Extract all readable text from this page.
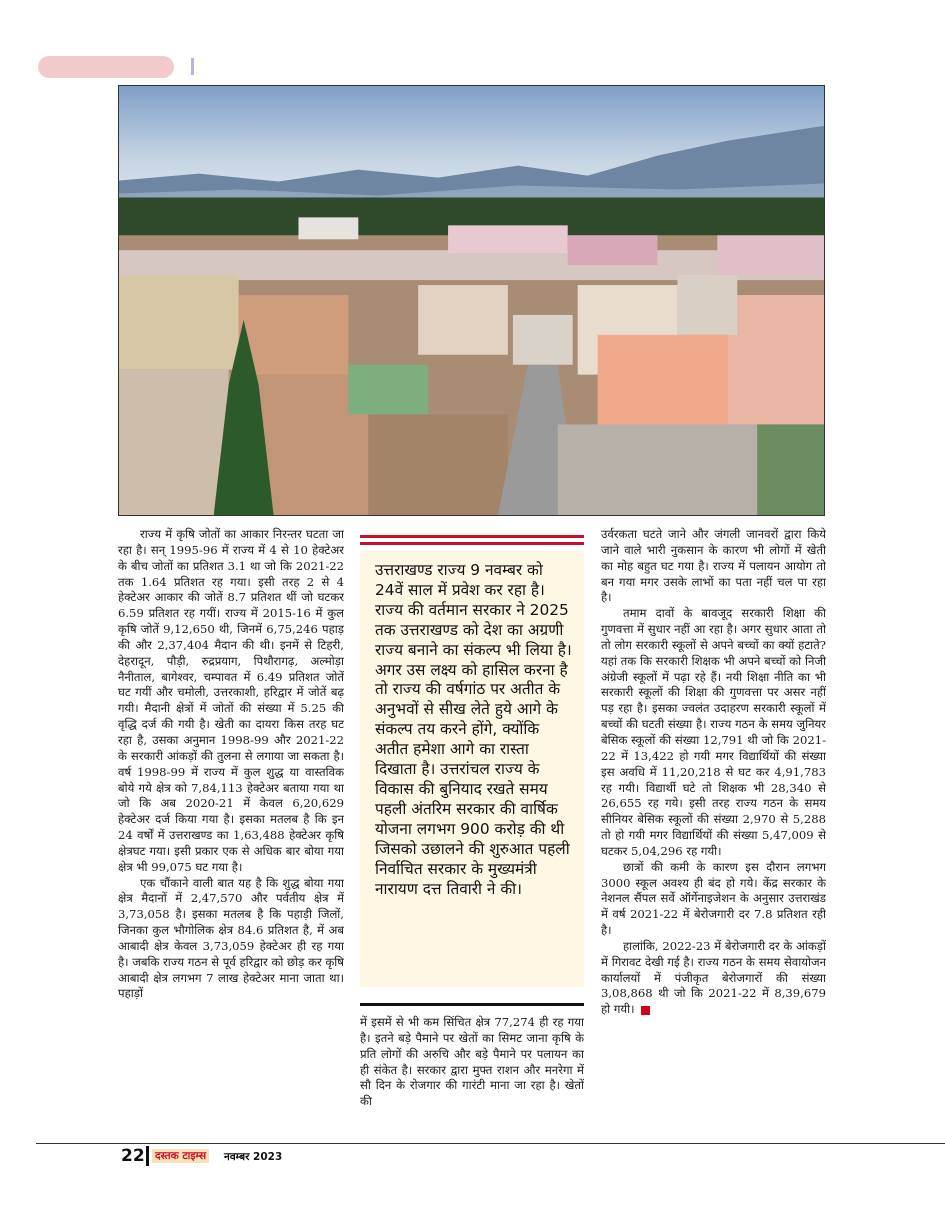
राज्य में कृषि जोतों का आकार निरन्तर घटता जा रहा है। सन् 1995-96 में राज्य में 4 से 10 हेक्टेअर के बीच जोतों का प्रतिशत 3.1 था जो कि 2021-22 तक 1.64 प्रतिशत रह गया। इसी तरह 2 से 4 हेक्टेअर आकार की जोतें 8.7 प्रतिशत थीं जो घटकर 6.59 प्रतिशत रह गयीं। राज्य में 2015-16 में कुल कृषि जोतें 9,12,650 थी, जिनमें 6,75,246 पहाड़ की और 2,37,404 मैदान की थी। इनमें से टिहरी, देहरादून, पौड़ी, रुद्रप्रयाग, पिथौरागढ़, अल्मोड़ा नैनीताल, बागेश्वर, चम्पावत में 6.49 प्रतिशत जोतें घट गयीं और चमोली, उत्तरकाशी, हरिद्वार में जोतें बढ़ गयी। मैदानी क्षेत्रों में जोतों की संख्या में 5.25 की वृद्धि दर्ज की गयी है। खेती का दायरा किस तरह घट रहा है, उसका अनुमान 1998-99 और 2021-22 के सरकारी आंकड़ों की तुलना से लगाया जा सकता है। वर्ष 1998-99 में राज्य में कुल शुद्ध या वास्तविक बोये गये क्षेत्र को 7,84,113 हेक्टेअर बताया गया था जो कि अब 2020-21 में केवल 6,20,629 हेक्टेअर दर्ज किया गया है। इसका मतलब है कि इन 24 वर्षों में उत्तराखण्ड का 1,63,488 हेक्टेअर कृषि क्षेत्रघट गया। इसी प्रकार एक से अधिक बार बोया गया क्षेत्र भी 99,075 घट गया है।

एक चौंकाने वाली बात यह है कि शुद्ध बोया गया क्षेत्र मैदानों में 2,47,570 और पर्वतीय क्षेत्र में 3,73,058 है। इसका मतलब है कि पहाड़ी जिलों, जिनका कुल भौगोलिक क्षेत्र 84.6 प्रतिशत है, में अब आबादी क्षेत्र केवल 3,73,059 हेक्टेअर ही रह गया है। जबकि राज्य गठन से पूर्व हरिद्वार को छोड़ कर कृषि आबादी क्षेत्र लगभग 7 लाख हेक्टेअर माना जाता था। पहाड़ों

उत्तराखण्ड राज्य 9 नवम्बर को 24वें साल में प्रवेश कर रहा है। राज्य की वर्तमान सरकार ने 2025 तक उत्तराखण्ड को देश का अग्रणी राज्य बनाने का संकल्प भी लिया है। अगर उस लक्ष्य को हासिल करना है तो राज्य की वर्षगांठ पर अतीत के अनुभवों से सीख लेते हुये आगे के संकल्प तय करने होंगे, क्योंकि अतीत हमेशा आगे का रास्ता दिखाता है। उत्तरांचल राज्य के विकास की बुनियाद रखते समय पहली अंतरिम सरकार की वार्षिक योजना लगभग 900 करोड़ की थी जिसको उछालने की शुरुआत पहली निर्वाचित सरकार के मुख्यमंत्री नारायण दत्त तिवारी ने की।

में इसमें से भी कम सिंचित क्षेत्र 77,274 ही रह गया है। इतने बड़े पैमाने पर खेतों का सिमट जाना कृषि के प्रति लोगों की अरुचि और बड़े पैमाने पर पलायन का ही संकेत है। सरकार द्वारा मुफ्त राशन और मनरेगा में सौ दिन के रोजगार की गारंटी माना जा रहा है। खेतों की

उर्वरकता घटते जाने और जंगली जानवरों द्वारा किये जाने वाले भारी नुकसान के कारण भी लोगों में खेती का मोह बहुत घट गया है। राज्य में पलायन आयोग तो बन गया मगर उसके लाभों का पता नहीं चल पा रहा है।

तमाम दावों के बावजूद सरकारी शिक्षा की गुणवत्ता में सुधार नहीं आ रहा है। अगर सुधार आता तो तो लोग सरकारी स्कूलों से अपने बच्चों का क्यों हटाते? यहां तक कि सरकारी शिक्षक भी अपने बच्चों को निजी अंग्रेजी स्कूलों में पढ़ा रहे हैं। नयी शिक्षा नीति का भी सरकारी स्कूलों की शिक्षा की गुणवत्ता पर असर नहीं पड़ रहा है। इसका ज्वलंत उदाहरण सरकारी स्कूलों में बच्चों की घटती संख्या है। राज्य गठन के समय जुनियर बेसिक स्कूलों की संख्या 12,791 थी जो कि 2021-22 में 13,422 हो गयी मगर विद्यार्थियों की संख्या इस अवधि में 11,20,218 से घट कर 4,91,783 रह गयी। विद्यार्थी घटे तो शिक्षक भी 28,340 से 26,655 रह गये। इसी तरह राज्य गठन के समय सीनियर बेसिक स्कूलों की संख्या 2,970 से 5,288 तो हो गयी मगर विद्यार्थियों की संख्या 5,47,009 से घटकर 5,04,296 रह गयी।

छात्रों की कमी के कारण इस दौरान लगभग 3000 स्कूल अवश्य ही बंद हो गये। केंद्र सरकार के नेशनल सैंपल सर्वे ऑर्गेनाइजेशन के अनुसार उत्तराखंड में वर्ष 2021-22 में बेरोजगारी दर 7.8 प्रतिशत रही है।

हालांकि, 2022-23 में बेरोजगारी दर के आंकड़ों में गिरावट देखी गई है। राज्य गठन के समय सेवायोजन कार्यालयों में पंजीकृत बेरोजगारों की संख्या 3,08,868 थी जो कि 2021-22 में 8,39,679 हो गयी।

22 दस्तक टाइम्स नवम्बर 2023
